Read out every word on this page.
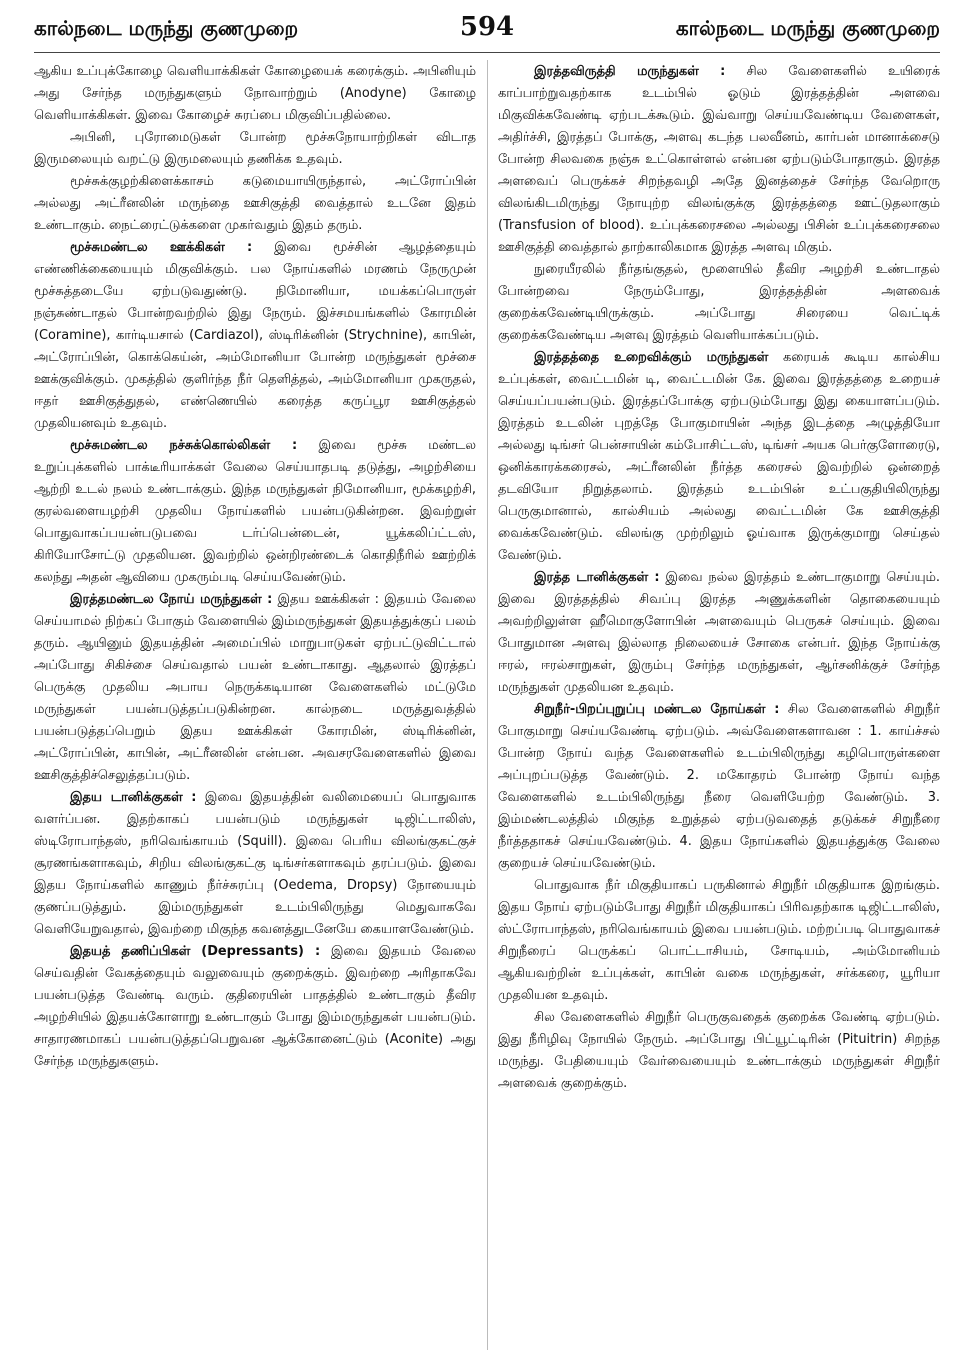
கால்நடை மருந்து குணமுறை	594	கால்நடை மருந்து குணமுறை

ஆகிய உப்புக்கோழை வெளியாக்கிகள் கோழையைக் கரைக்கும். அபினியும் அது சேர்ந்த மருந்துகளும் நோவாற்றும் (Anodyne) கோழை வெளியாக்கிகள். இவை கோழைச் சுரப்பை மிகுவிப்பதில்லை.

அபினி, புரோமைடுகள் போன்ற மூச்சுநோயாற்றிகள் விடாத இருமலையும் வறட்டு இருமலையும் தணிக்க உதவும்.

மூச்சுக்குழற்கிளைக்காசம் கடுமையாயிருந்தால், அட்ரோப்பின் அல்லது அட்ரீனலின் மருந்தை ஊசிகுத்தி வைத்தால் உடனே இதம் உண்டாகும். நைட்ரைட்டுக்களை முகர்வதும் இதம் தரும்.

மூச்சுமண்டல ஊக்கிகள் : இவை மூச்சின் ஆழத்தையும் எண்ணிக்கையையும் மிகுவிக்கும். பல நோய்களில் மரணம் நேருமுன் மூச்சுத்தடையே ஏற்படுவதுண்டு. நிமோனியா, மயக்கப்பொருள் நஞ்சுண்டாதல் போன்றவற்றில் இது நேரும். இச்சமயங்களில் கோரமின் (Coramine), கார்டியசால் (Cardiazol), ஸ்டிரிக்னின் (Strychnine), காபின், அட்ரோப்பின், கொக்கெய்ன், அம்மோனியா போன்ற மருந்துகள் மூச்சை ஊக்குவிக்கும். முகத்தில் குளிர்ந்த நீர் தெளித்தல், அம்மோனியா முகருதல், ஈதர் ஊசிகுத்துதல், எண்ணெயில் கரைத்த கருப்பூர ஊசிகுத்தல் முதலியனவும் உதவும்.

மூச்சுமண்டல நச்சுக்கொல்லிகள் : இவை மூச்சு மண்டல உறுப்புக்களில் பாக்டீரியாக்கள் வேலை செய்யாதபடி தடுத்து, அழற்சியை ஆற்றி உடல் நலம் உண்டாக்கும். இந்த மருந்துகள் நிமோனியா, மூக்கழற்சி, குரல்வளையழற்சி முதலிய நோய்களில் பயன்படுகின்றன. இவற்றுள் பொதுவாகப்பயன்படுபவை டர்ப்பென்டைன், யூக்கலிப்ட்டஸ், கிரியோசோட்டு முதலியன. இவற்றில் ஒன்றிரண்டைக் கொதிநீரில் ஊற்றிக் கலந்து அதன் ஆவியை முகரும்படி செய்யவேண்டும்.

இரத்தமண்டல நோய் மருந்துகள் : இதய ஊக்கிகள் : இதயம் வேலை செய்யாமல் நிற்கப் போகும் வேளையில் இம்மருந்துகள் இதயத்துக்குப் பலம் தரும். ஆயினும் இதயத்தின் அமைப்பில் மாறுபாடுகள் ஏற்பட்டுவிட்டால் அப்போது சிகிச்சை செய்வதால் பயன் உண்டாகாது. ஆதலால் இரத்தப் பெருக்கு முதலிய அபாய நெருக்கடியான வேளைகளில் மட்டுமே மருந்துகள் பயன்படுத்தப்படுகின்றன. கால்நடை மருத்துவத்தில் பயன்படுத்தப்பெறும் இதய ஊக்கிகள் கோரமின், ஸ்டிரிக்னின், அட்ரோப்பின், காபின், அட்ரீனலின் என்பன. அவசரவேளைகளில் இவை ஊசிகுத்திச்செலுத்தப்படும்.

இதய டானிக்குகள் : இவை இதயத்தின் வலிமையைப் பொதுவாக வளர்ப்பன. இதற்காகப் பயன்படும் மருந்துகள் டிஜிட்டாலிஸ், ஸ்டிரோபாந்தஸ், நரிவெங்காயம் (Squill). இவை பெரிய விலங்குகட்குச் சூரணங்களாகவும், சிறிய விலங்குகட்கு டிங்சர்களாகவும் தரப்படும். இவை இதய நோய்களில் காணும் நீர்ச்சுரப்பு (Oedema, Dropsy) நோயையும் குணப்படுத்தும். இம்மருந்துகள் உடம்பிலிருந்து மெதுவாகவே வெளியேறுவதால், இவற்றை மிகுந்த கவனத்துடனேயே கையாளவேண்டும்.

இதயத் தணிப்பிகள் (Depressants) : இவை இதயம் வேலை செய்வதின் வேகத்தையும் வலுவையும் குறைக்கும். இவற்றை அரிதாகவே பயன்படுத்த வேண்டி வரும். குதிரையின் பாதத்தில் உண்டாகும் தீவிர அழற்சியில் இதயக்கோளாறு உண்டாகும் போது இம்மருந்துகள் பயன்படும். சாதாரணமாகப் பயன்படுத்தப்பெறுவன ஆக்கோனைட்டும் (Aconite) அது சேர்ந்த மருந்துகளும்.

இரத்தவிருத்தி மருந்துகள் : சில வேளைகளில் உயிரைக் காப்பாற்றுவதற்காக உடம்பில் ஓடும் இரத்தத்தின் அளவை மிகுவிக்கவேண்டி ஏற்படக்கூடும். இவ்வாறு செய்யவேண்டிய வேளைகள், அதிர்ச்சி, இரத்தப் போக்கு, அளவு கடந்த பலவீனம், கார்பன் மானாக்சைடு போன்ற சிலவகை நஞ்சு உட்கொள்ளல் என்பன ஏற்படும்போதாகும். இரத்த அளவைப் பெருக்கச் சிறந்தவழி அதே இனத்தைச் சேர்ந்த வேறொரு விலங்கிடமிருந்து நோயுற்ற விலங்குக்கு இரத்தத்தை ஊட்டுதலாகும் (Transfusion of blood). உப்புக்கரைசலை அல்லது பிசின் உப்புக்கரைசலை ஊசிகுத்தி வைத்தால் தாற்காலிகமாக இரத்த அளவு மிகும்.

நுரையீரலில் நீர்தங்குதல், மூளையில் தீவிர அழற்சி உண்டாதல் போன்றவை நேரும்போது, இரத்தத்தின் அளவைக் குறைக்கவேண்டியிருக்கும். அப்போது சிரையை வெட்டிக் குறைக்கவேண்டிய அளவு இரத்தம் வெளியாக்கப்படும்.

இரத்தத்தை உறைவிக்கும் மருந்துகள் கரையக் கூடிய கால்சிய உப்புக்கள், வைட்டமின் டி, வைட்டமின் கே. இவை இரத்தத்தை உறையச் செய்யப்பயன்படும். இரத்தப்போக்கு ஏற்படும்போது இது கையாளப்படும். இரத்தம் உடலின் புறத்தே போகுமாயின் அந்த இடத்தை அழுத்தியோ அல்லது டிங்சர் பென்சாயின் கம்போசிட்டஸ், டிங்சர் அயக பெர்குளோரைடு, ஒனிக்காரக்கரைசல், அட்ரீனலின் நீர்த்த கரைசல் இவற்றில் ஒன்றைத் தடவியோ நிறுத்தலாம். இரத்தம் உடம்பின் உட்பகுதியிலிருந்து பெருகுமானால், கால்சியம் அல்லது வைட்டமின் கே ஊசிகுத்தி வைக்கவேண்டும். விலங்கு முற்றிலும் ஓய்வாக இருக்குமாறு செய்தல் வேண்டும்.

இரத்த டானிக்குகள் : இவை நல்ல இரத்தம் உண்டாகுமாறு செய்யும். இவை இரத்தத்தில் சிவப்பு இரத்த அணுக்களின் தொகையையும் அவற்றிலுள்ள ஹீமொகுளோபின் அளவையும் பெருகச் செய்யும். இவை போதுமான அளவு இல்லாத நிலையைச் சோகை என்பர். இந்த நோய்க்கு ஈரல், ஈரல்சாறுகள், இரும்பு சேர்ந்த மருந்துகள், ஆர்சனிக்குச் சேர்ந்த மருந்துகள் முதலியன உதவும்.

சிறுநீர்-பிறப்புறுப்பு மண்டல நோய்கள் : சில வேளைகளில் சிறுநீர் போகுமாறு செய்யவேண்டி ஏற்படும். அவ்வேளைகளாவன : 1. காய்ச்சல் போன்ற நோய் வந்த வேளைகளில் உடம்பிலிருந்து கழிபொருள்களை அப்புறப்படுத்த வேண்டும். 2. மகோதரம் போன்ற நோய் வந்த வேளைகளில் உடம்பிலிருந்து நீரை வெளியேற்ற வேண்டும். 3. இம்மண்டலத்தில் மிகுந்த உறுத்தல் ஏற்படுவதைத் தடுக்கச் சிறுநீரை நீர்த்ததாகச் செய்யவேண்டும். 4. இதய நோய்களில் இதயத்துக்கு வேலை குறையச் செய்யவேண்டும்.

பொதுவாக நீர் மிகுதியாகப் பருகினால் சிறுநீர் மிகுதியாக இறங்கும். இதய நோய் ஏற்படும்போது சிறுநீர் மிகுதியாகப் பிரிவதற்காக டிஜிட்டாலிஸ், ஸ்ட்ரோபாந்தஸ், நரிவெங்காயம் இவை பயன்படும். மற்றப்படி பொதுவாகச் சிறுநீரைப் பெருக்கப் பொட்டாசியம், சோடியம், அம்மோனியம் ஆகியவற்றின் உப்புக்கள், காபின் வகை மருந்துகள், சர்க்கரை, யூரியா முதலியன உதவும்.

சில வேளைகளில் சிறுநீர் பெருகுவதைக் குறைக்க வேண்டி ஏற்படும். இது நீரிழிவு நோயில் நேரும். அப்போது பிட்யூட்டிரின் (Pituitrin) சிறந்த மருந்து. பேதியையும் வேர்வையையும் உண்டாக்கும் மருந்துகள் சிறுநீர் அளவைக் குறைக்கும்.
